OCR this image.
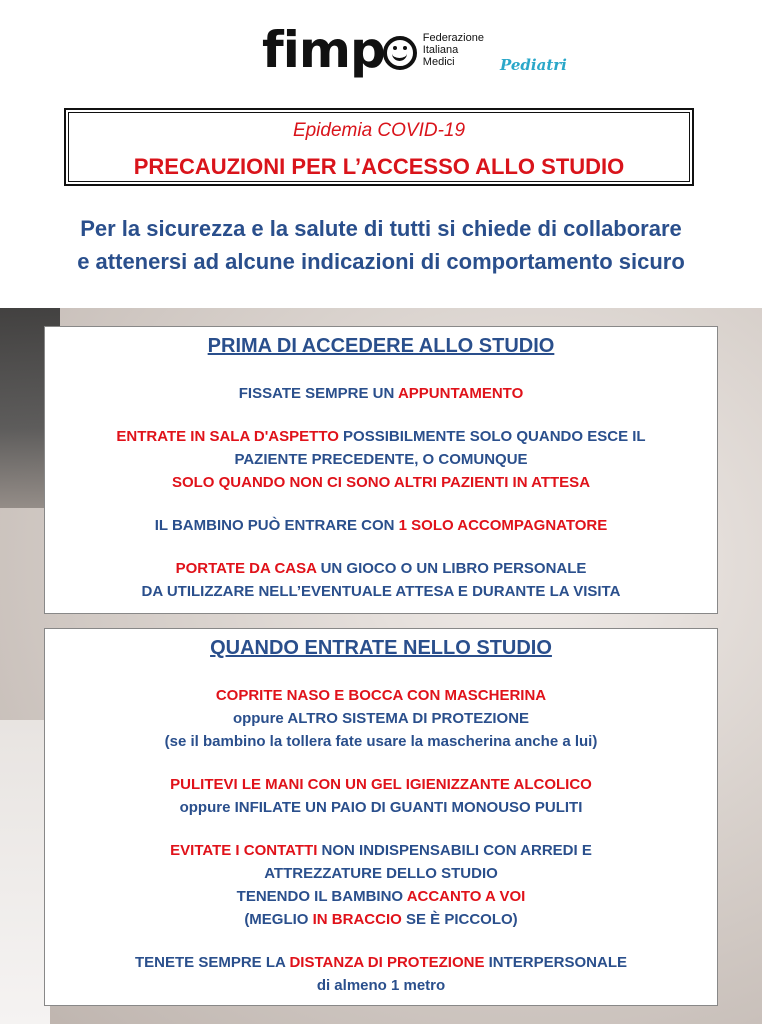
fimp	Federazione
Italiana
Medici	Pediatri
Epidemia COVID-19
PRECAUZIONI PER L’ACCESSO ALLO STUDIO
Per la sicurezza e la salute di tutti si chiede di collaborare
e attenersi ad alcune indicazioni di comportamento sicuro
PRIMA DI ACCEDERE ALLO STUDIO
FISSATE SEMPRE UN APPUNTAMENTO
ENTRATE IN SALA D'ASPETTO POSSIBILMENTE SOLO QUANDO ESCE IL
PAZIENTE PRECEDENTE, O COMUNQUE
SOLO QUANDO NON CI SONO ALTRI PAZIENTI IN ATTESA
IL BAMBINO PUÒ ENTRARE CON 1 SOLO ACCOMPAGNATORE
PORTATE DA CASA UN GIOCO O UN LIBRO PERSONALE
DA UTILIZZARE NELL’EVENTUALE ATTESA E DURANTE LA VISITA
QUANDO ENTRATE NELLO STUDIO
COPRITE NASO E BOCCA CON MASCHERINA
oppure ALTRO SISTEMA DI PROTEZIONE
(se il bambino la tollera fate usare la mascherina anche a lui)
PULITEVI LE MANI CON UN GEL IGIENIZZANTE ALCOLICO
oppure INFILATE UN PAIO DI GUANTI MONOUSO PULITI
EVITATE I CONTATTI NON INDISPENSABILI CON ARREDI E
ATTREZZATURE DELLO STUDIO
TENENDO IL BAMBINO ACCANTO A VOI
(MEGLIO IN BRACCIO SE È PICCOLO)
TENETE SEMPRE LA DISTANZA DI PROTEZIONE INTERPERSONALE
di almeno 1 metro
